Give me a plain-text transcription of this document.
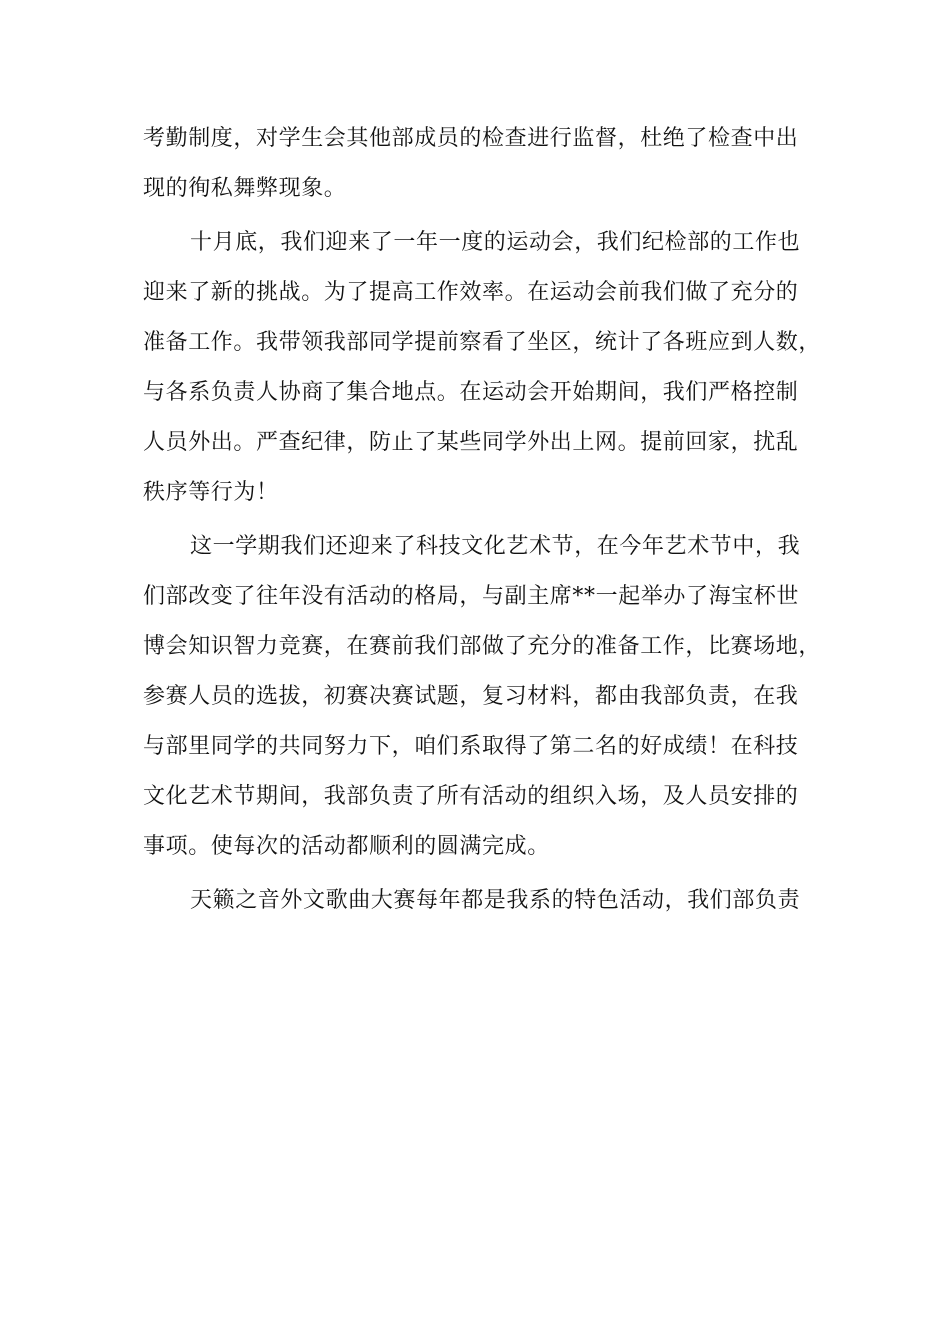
考勤制度，对学生会其他部成员的检查进行监督，杜绝了检查中出
现的徇私舞弊现象。
十月底，我们迎来了一年一度的运动会，我们纪检部的工作也
迎来了新的挑战。为了提高工作效率。在运动会前我们做了充分的
准备工作。我带领我部同学提前察看了坐区，统计了各班应到人数，
与各系负责人协商了集合地点。在运动会开始期间，我们严格控制
人员外出。严查纪律，防止了某些同学外出上网。提前回家，扰乱
秩序等行为！
这一学期我们还迎来了科技文化艺术节，在今年艺术节中，我
们部改变了往年没有活动的格局，与副主席**一起举办了海宝杯世
博会知识智力竞赛，在赛前我们部做了充分的准备工作，比赛场地，
参赛人员的选拔，初赛决赛试题，复习材料，都由我部负责，在我
与部里同学的共同努力下，咱们系取得了第二名的好成绩！在科技
文化艺术节期间，我部负责了所有活动的组织入场，及人员安排的
事项。使每次的活动都顺利的圆满完成。
天籁之音外文歌曲大赛每年都是我系的特色活动，我们部负责
